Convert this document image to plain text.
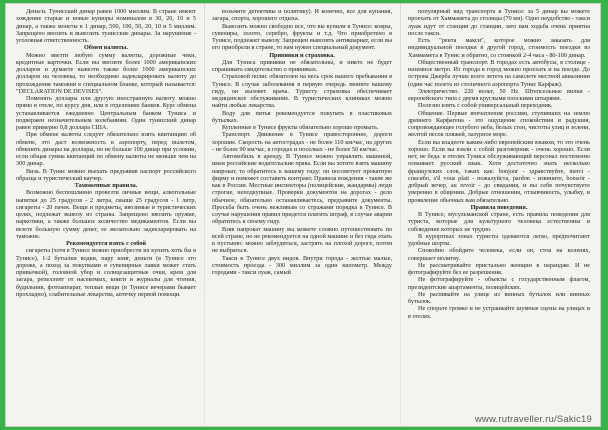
Деньги. Тунисский динар равен 1000 миллим. В стране имеют хождение старые и новые купюры номиналом в 30, 20, 10 и 5 динар, а также монеты в 1 динар, 500, 100, 50, 20, 10 и 5 миллим. Запрещено ввозить и вывозить тунисские динары. За нарушение - уголовная ответственность.

Обмен валюты.

Можно ввезти любую сумму валюты, дорожные чеки, кредитные карточки. Если вы ввозите более 1000 американских долларов и думаете вывезти также более 1000 американских долларов на человека, то необходимо задекларировать валюту до прохождения таможни в специальном бланке, который называется: "DECLARATION DE DEVISES".

Поменять доллары или другую иностранную валюту можно прямо в отеле, по курсу дня, или в отделениях банков. Курс обмена устанавливается ежедневно Центральным банком Туниса и подвержен незначительным колебаниям. Один тунисский динар равен примерно 0,8 доллара США.

При обмене валюты следует обязательно взять квитанцию об обмене, это даст возможность в аэропорту, перед вылетом, обменять динары на доллары, но не больше 100 динар при условии, если общая сумма квитанций по обмену валюты не меньше чем на 300 динар.

Виза. В Тунис можно въехать предъявив паспорт российского образца и туристический ваучер.

Таможенные правила.

Возможно беспошлинно провезти личные вещи, алкогольные напитки до 25 градусов - 2 литра, свыше 25 градусов - 1 литр, сигареты - 20 пачек. Вещи и предметы, ввозимые в туристических целях, подлежат вывозу из страны. Запрещено ввозить оружие, наркотики, а также большое количество медикаментов. Если вы везете большую сумму денег, ее желательно задекларировать на таможне.

Рекомендуется взять с собой

сигареты (хотя в Тунисе можно приобрести их купить хоть бы в Тунисе), 1-2 бутылки водки, пару книг, деньги (в Тунисе это дороже, а поход за покупками в сувенирные лавки может стать привычкой), головной убор и солнцезащитные очки, крем для загара, репеллент от насекомых, книги и журналы для чтения, будильник, фотоаппарат, теплые вещи (в Тунисе вечерами бывает прохладно), слабительные лекарства, аптечку первой помощи.

возьмите детективы и политику). И конечно, все для купания, загара, спорта, хорошего отдыха.

Вывозить можно свободно все, что вы купили в Тунисе: ковры, сувениры, золото, серебро, фрукты и т.д. Что приобретено в Тунисе, подлежит вывозу. Запрещен вывозить антиквариат, если вы его приобрели в стране, то вам нужен специальный документ.

Прививки и страховка.

Для Туниса прививки не обязательны, и никто не будет спрашивать свидетельство о прививках.

Страховой полис обязателен на весь срок вашего пребывания в Тунисе. В случае заболевания в первую очередь звоните вашему гиду, он вызовет врача. Туристу страховка обеспечивает медицинское обслуживание. В туристических клиниках можно найти любые лекарства.

Воду для питья рекомендуется покупать в пластиковых бутылках.

Купленные в Тунисе фрукты обязательно хорошо промыть.

Транспорт. Движение в Тунисе правостороннее, дороги хорошие. Скорость на автострадах - не более 110 км/час, на других - не более 90 км/час, в городах и поселках - не более 50 км/час.

Автомобиль в аренду. В Тунисе можно управлять машиной, имея российские водительские права. Если вы хотите взять машину напрокат, то обратитесь к вашему гиду: он посоветует прокатную фирму и поможет составить контракт. Правила вождения - такие же как в России. Местные инспекторы (полицейские, жандармы) люди строгие, неподкупные. Проверки документов на дорогах - дело обычное, обязательно останавливаетесь, предъявите документы. Просьба быть очень вежливым со стражами порядка в Тунисе. В случае нарушения правил придется платить штраф, в случае аварии обратитесь к своему гиду.

Взяв напрокат машину вы можете сложно путешествовать по всей стране, но не рекомендуется на одной машине и без гида ехать в пустыню: можно заблудиться, застрять на плохой дороге, потом не выбраться.

Такси в Тунисе двух видов. Внутри города - желтые малые, стоимость проезда - 300 миллим за один километр. Между городами - такси луаж, самый

популярный вид транспорта в Тунисе: за 5 динар вы можете проехать от Хаммамета до столицы (70 км). Одно неудобство - такси луаж идут от станции до станции, зато вам ходьба очень приятна после такси.

Есть "рента макси", которое можно заказать для индивидуальной поездки в другой город, стоимость поездки из Хаммамета в Тунис и обратно, со стоянкой 2-4 часа - 80-100 динар.

Общественный транспорт. В городах есть автобусы, в столице - наземное метро. Из города в город можно проехать и на поезде. До острова Джерба лучше всего лететь на самолете местной авиалинии (один час полета из столичного аэропорта Тунис Карфаж).

Электричество. 220 вольт, 50 Hz. Штепсельные вилки - европейского типа с двумя круглыми плоскими штырями.

Полезно взять с собой универсальный переходник.

Общение. Первые впечатления россиян, ступивших на землю древнего Карфагена - это ощущение спокойствия и радушия, сопровождающее голубого неба, белых стен, чистоты улиц и зелени, желтой песок пляжей, лазурное море.

Если вы владеете каким-либо европейским языком, то это очень хорошо. Если вы взяли с собой разговорник - очень хорошо. Если нет, не беда: в отелях Туниса обслуживающий персонал постепенно осваивает русский язык. Хотя достаточно знать несколько французских слов, таких как: bonjour - здравствуйте, merci - спасибо, s'il vous plait - пожалуйста, pardon - извините, bonsoir - добрый вечер, au revoir - до свидания, и вы себя почувствуете уверенно в общении. Добрые отношения, отзывчивость, улыбку, и проявление обычных вам обязательно.

Правила поведения.

В Тунисе, мусульманской стране, есть правила поведения для туриста, которые для культурного человека естественны и соблюдение которых не трудно.

В курортных зонах туристы одеваются легко, предпочитают удобные шорты.

Спокойно обойдите человека, если он, стоя на коленях, совершает молитву.

Не рассматривайте пристально женщин в парандже. И не фотографируйте без ее разрешения.

Не фотографируйте - объекты с государственным флагом, президентские апартаменты, полицейских.

Не распивайте на улице из винных бутылок или винных бутылок.

Не спорьте громко и не устраивайте шумные сцены на улицах и в отелях.

www.rutraveller.ru/Sakic19
